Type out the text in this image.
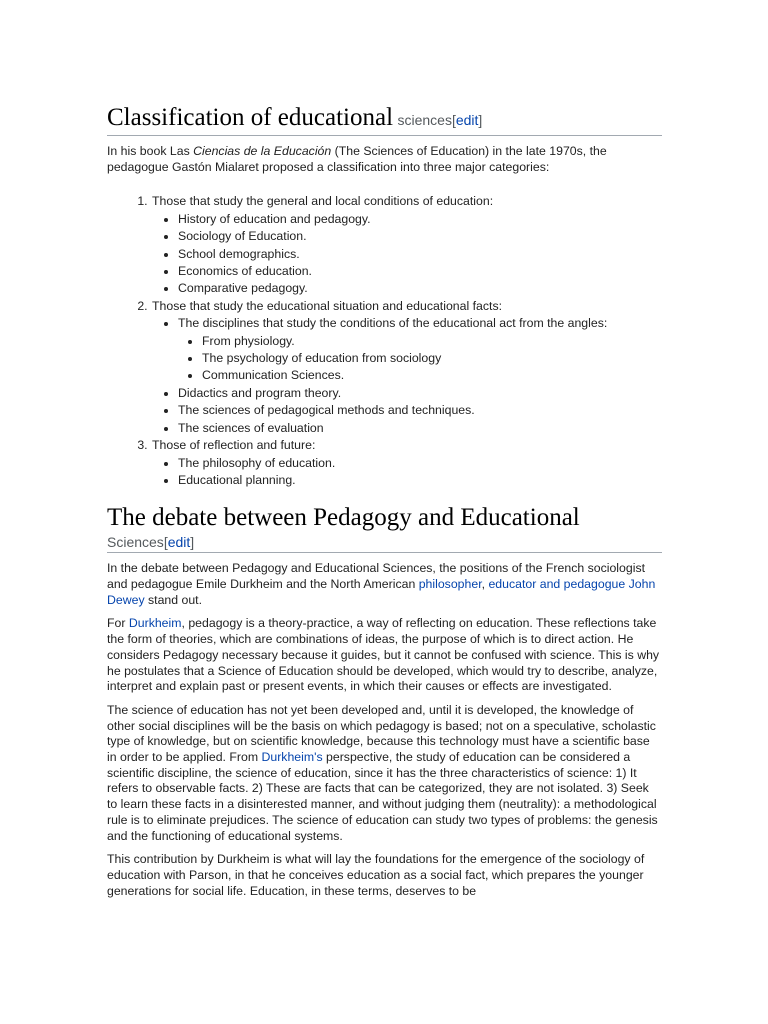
Classification of educational sciences[edit]

In his book Las Ciencias de la Educación (The Sciences of Education) in the late 1970s, the pedagogue Gastón Mialaret proposed a classification into three major categories:

1. Those that study the general and local conditions of education:
• History of education and pedagogy.
• Sociology of Education.
• School demographics.
• Economics of education.
• Comparative pedagogy.
2. Those that study the educational situation and educational facts:
• The disciplines that study the conditions of the educational act from the angles:
• From physiology.
• The psychology of education from sociology
• Communication Sciences.
• Didactics and program theory.
• The sciences of pedagogical methods and techniques.
• The sciences of evaluation
3. Those of reflection and future:
• The philosophy of education.
• Educational planning.
The debate between Pedagogy and Educational
Sciences[edit]

In the debate between Pedagogy and Educational Sciences, the positions of the French sociologist and pedagogue Emile Durkheim and the North American philosopher, educator and pedagogue John Dewey stand out.

For Durkheim, pedagogy is a theory-practice, a way of reflecting on education. These reflections take the form of theories, which are combinations of ideas, the purpose of which is to direct action. He considers Pedagogy necessary because it guides, but it cannot be confused with science. This is why he postulates that a Science of Education should be developed, which would try to describe, analyze, interpret and explain past or present events, in which their causes or effects are investigated.

The science of education has not yet been developed and, until it is developed, the knowledge of other social disciplines will be the basis on which pedagogy is based; not on a speculative, scholastic type of knowledge, but on scientific knowledge, because this technology must have a scientific base in order to be applied. From Durkheim's perspective, the study of education can be considered a scientific discipline, the science of education, since it has the three characteristics of science: 1) It refers to observable facts. 2) These are facts that can be categorized, they are not isolated. 3) Seek to learn these facts in a disinterested manner, and without judging them (neutrality): a methodological rule is to eliminate prejudices. The science of education can study two types of problems: the genesis and the functioning of educational systems.

This contribution by Durkheim is what will lay the foundations for the emergence of the sociology of education with Parson, in that he conceives education as a social fact, which prepares the younger generations for social life. Education, in these terms, deserves to be
